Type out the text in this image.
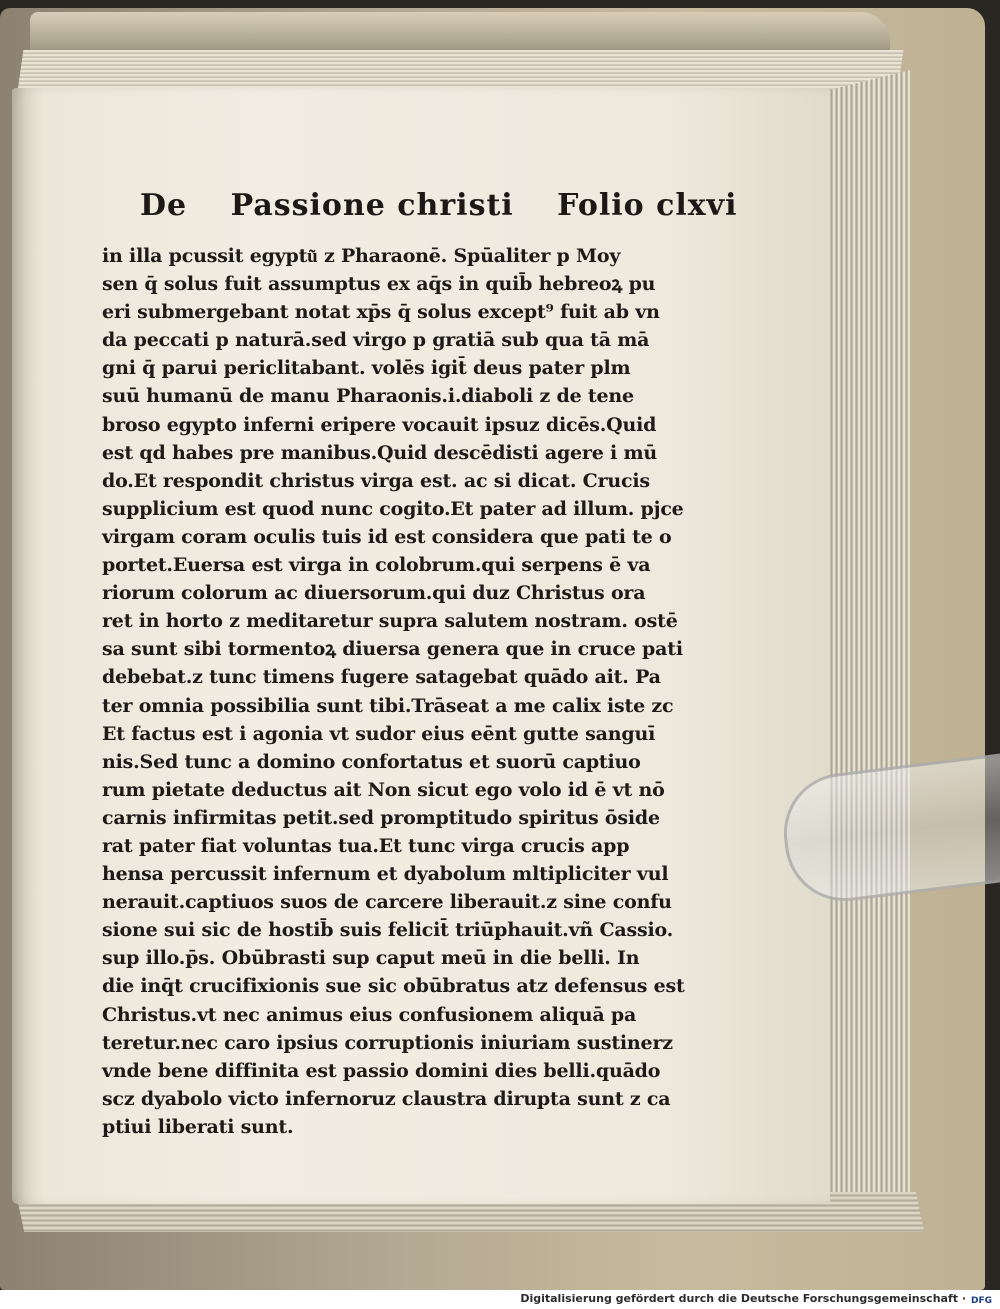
De Passione christi Folio clxvi
in illa pcussit egyptu͂ z Pharaonē. Spūaliter p Moy
sen q̄ solus fuit assumptus ex aq̄s in quib̄ hebreoꝝ pu
eri submergebant notat xp̄s q̄ solus except⁹ fuit ab vn
da peccati p naturā.sed virgo p gratiā sub qua tā mā
gni q̄ parui periclitabant. volēs igit̄ deus pater plm
suū humanū de manu Pharaonis.i.diaboli z de tene
broso egypto inferni eripere vocauit ipsuz dicēs.Quid
est qd habes pre manibus.Quid descēdisti agere i mū
do.Et respondit christus virga est. ac si dicat. Crucis
supplicium est quod nunc cogito.Et pater ad illum. pjce
virgam coram oculis tuis id est considera que pati te o
portet.Euersa est virga in colobrum.qui serpens ē va
riorum colorum ac diuersorum.qui duz Christus ora
ret in horto z meditaretur supra salutem nostram. ostē
sa sunt sibi tormentoꝝ diuersa genera que in cruce pati
debebat.z tunc timens fugere satagebat quādo ait. Pa
ter omnia possibilia sunt tibi.Trāseat a me calix iste zc
Et factus est i agonia vt sudor eius eēnt gutte sanguī
nis.Sed tunc a domino confortatus et suorū captiuo
rum pietate deductus ait Non sicut ego volo id ē vt nō
carnis infirmitas petit.sed promptitudo spiritus ōside
rat pater fiat voluntas tua.Et tunc virga crucis app
hensa percussit infernum et dyabolum mltipliciter vul
nerauit.captiuos suos de carcere liberauit.z sine confu
sione sui sic de hostib̄ suis felicit̄ triūphauit.vñ Cassio.
sup illo.p̄s. Obūbrasti sup caput meū in die belli. In
die inq̄t crucifixionis sue sic obūbratus atz defensus est
Christus.vt nec animus eius confusionem aliquā pa
teretur.nec caro ipsius corruptionis iniuriam sustinerz
vnde bene diffinita est passio domini dies belli.quādo
scz dyabolo victo infernoruz claustra dirupta sunt z ca
ptiui liberati sunt.
Digitalisierung gefördert durch die Deutsche Forschungsgemeinschaft · DFG
